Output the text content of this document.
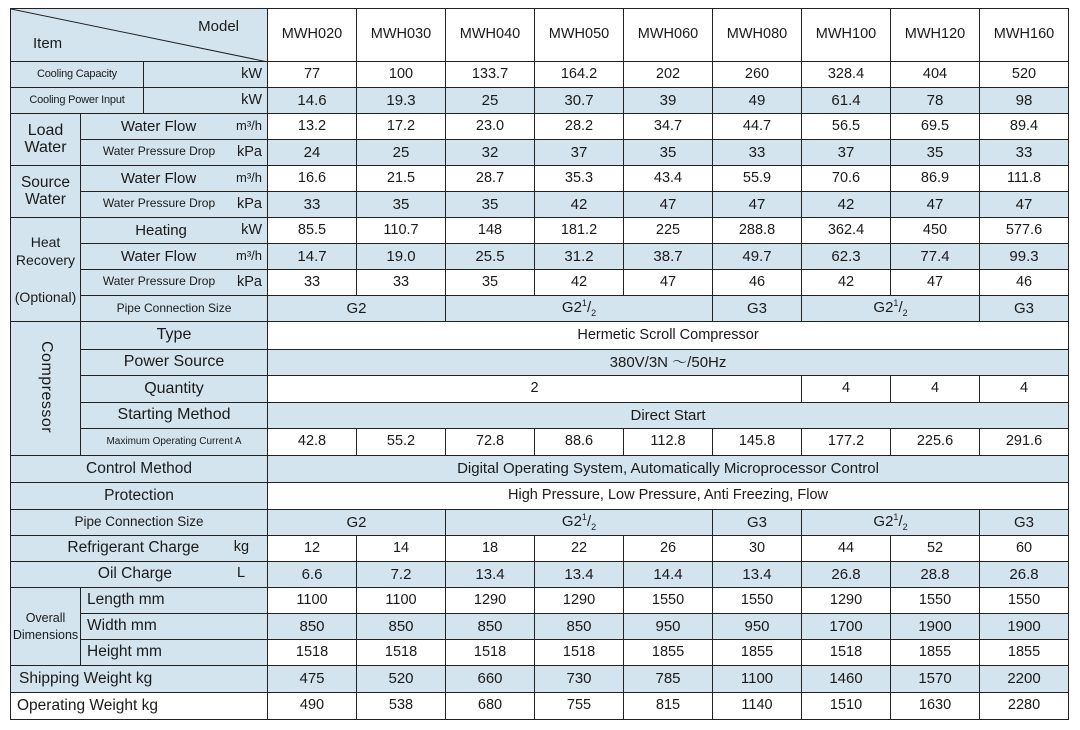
Model
Item			MWH020	MWH030	MWH040	MWH050	MWH060	MWH080	MWH100	MWH120	MWH160
Cooling Capacity		kW	77	100	133.7	164.2	202	260	328.4	404	520
Cooling Power Input		kW	14.6	19.3	25	30.7	39	49	61.4	78	98
Load
Water	Water Flow m³/h		13.2	17.2	23.0	28.2	34.7	44.7	56.5	69.5	89.4
	Water Pressure Drop kPa		24	25	32	37	35	33	37	35	33
Source
Water	Water Flow m³/h		16.6	21.5	28.7	35.3	43.4	55.9	70.6	86.9	111.8
	Water Pressure Drop kPa		33	35	35	42	47	47	42	47	47
Heat
Recovery

(Optional)	Heating kW		85.5	110.7	148	181.2	225	288.8	362.4	450	577.6
	Water Flow m³/h		14.7	19.0	25.5	31.2	38.7	49.7	62.3	77.4	99.3
	Water Pressure Drop kPa		33	33	35	42	47	46	42	47	46
	Pipe Connection Size		G2		$G2^1/_2$			G3	$G2^1/_2$		G3
Compressor	Type		Hermetic Scroll Compressor								
	Power Source		380V/3N ～/50Hz								
	Quantity		2						4	4	4
	Starting Method		Direct Start								
	Maximum Operating Current A		42.8	55.2	72.8	88.6	112.8	145.8	177.2	225.6	291.6
Control Method			Digital Operating System, Automatically Microprocessor Control								
Protection			High Pressure, Low Pressure, Anti Freezing, Flow								
Pipe Connection Size			G2		$G2^1/_2$			G3	$G2^1/_2$		G3
Refrigerant Charge kg			12	14	18	22	26	30	44	52	60
Oil Charge L			6.6	7.2	13.4	13.4	14.4	13.4	26.8	28.8	26.8
Overall
Dimensions	Length mm		1100	1100	1290	1290	1550	1550	1290	1550	1550
	Width mm		850	850	850	850	950	950	1700	1900	1900
	Height mm		1518	1518	1518	1518	1855	1855	1518	1855	1855
Shipping Weight kg			475	520	660	730	785	1100	1460	1570	2200
Operating Weight kg			490	538	680	755	815	1140	1510	1630	2280
